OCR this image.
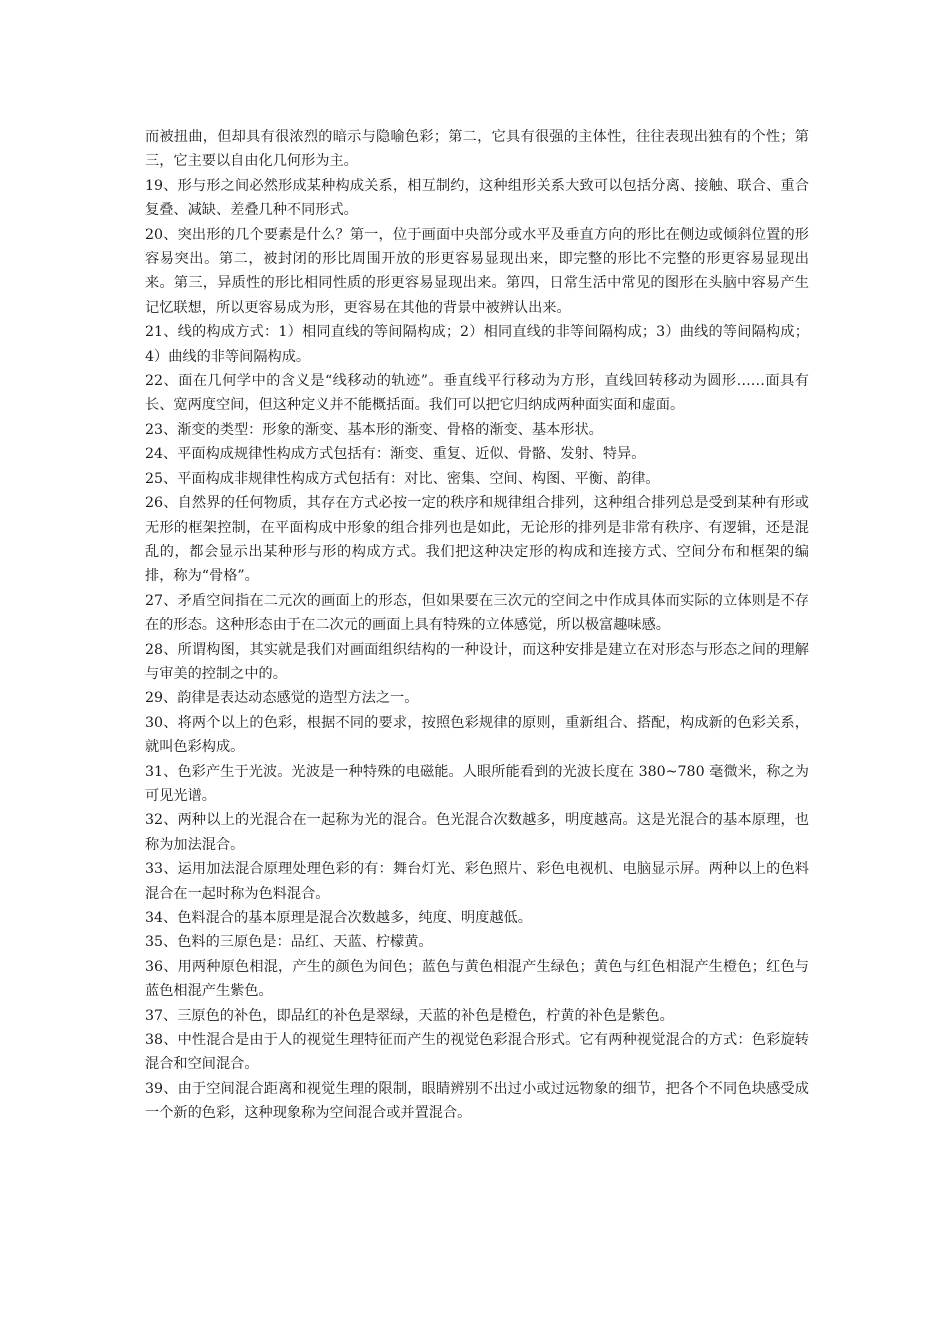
而被扭曲，但却具有很浓烈的暗示与隐喻色彩；第二，它具有很强的主体性，往往表现出独有的个性；第三，它主要以自由化几何形为主。

19、形与形之间必然形成某种构成关系，相互制约，这种组形关系大致可以包括分离、接触、联合、重合复叠、减缺、差叠几种不同形式。

20、突出形的几个要素是什么？第一，位于画面中央部分或水平及垂直方向的形比在侧边或倾斜位置的形容易突出。第二，被封闭的形比周围开放的形更容易显现出来，即完整的形比不完整的形更容易显现出来。第三，异质性的形比相同性质的形更容易显现出来。第四，日常生活中常见的图形在头脑中容易产生记忆联想，所以更容易成为形，更容易在其他的背景中被辨认出来。

21、线的构成方式：1）相同直线的等间隔构成；2）相同直线的非等间隔构成；3）曲线的等间隔构成；4）曲线的非等间隔构成。

22、面在几何学中的含义是“线移动的轨迹”。垂直线平行移动为方形，直线回转移动为圆形……面具有长、宽两度空间，但这种定义并不能概括面。我们可以把它归纳成两种面实面和虚面。

23、渐变的类型：形象的渐变、基本形的渐变、骨格的渐变、基本形状。

24、平面构成规律性构成方式包括有：渐变、重复、近似、骨骼、发射、特异。

25、平面构成非规律性构成方式包括有：对比、密集、空间、构图、平衡、韵律。

26、自然界的任何物质，其存在方式必按一定的秩序和规律组合排列，这种组合排列总是受到某种有形或无形的框架控制，在平面构成中形象的组合排列也是如此，无论形的排列是非常有秩序、有逻辑，还是混乱的，都会显示出某种形与形的构成方式。我们把这种决定形的构成和连接方式、空间分布和框架的编排，称为“骨格”。

27、矛盾空间指在二元次的画面上的形态，但如果要在三次元的空间之中作成具体而实际的立体则是不存在的形态。这种形态由于在二次元的画面上具有特殊的立体感觉，所以极富趣味感。

28、所谓构图，其实就是我们对画面组织结构的一种设计，而这种安排是建立在对形态与形态之间的理解与审美的控制之中的。

29、韵律是表达动态感觉的造型方法之一。

30、将两个以上的色彩，根据不同的要求，按照色彩规律的原则，重新组合、搭配，构成新的色彩关系，就叫色彩构成。

31、色彩产生于光波。光波是一种特殊的电磁能。人眼所能看到的光波长度在 380~780 毫微米，称之为可见光谱。

32、两种以上的光混合在一起称为光的混合。色光混合次数越多，明度越高。这是光混合的基本原理，也称为加法混合。

33、运用加法混合原理处理色彩的有：舞台灯光、彩色照片、彩色电视机、电脑显示屏。两种以上的色料混合在一起时称为色料混合。

34、色料混合的基本原理是混合次数越多，纯度、明度越低。

35、色料的三原色是：品红、天蓝、柠檬黄。

36、用两种原色相混，产生的颜色为间色；蓝色与黄色相混产生绿色；黄色与红色相混产生橙色；红色与蓝色相混产生紫色。

37、三原色的补色，即品红的补色是翠绿，天蓝的补色是橙色，柠黄的补色是紫色。

38、中性混合是由于人的视觉生理特征而产生的视觉色彩混合形式。它有两种视觉混合的方式：色彩旋转混合和空间混合。

39、由于空间混合距离和视觉生理的限制，眼睛辨别不出过小或过远物象的细节，把各个不同色块感受成一个新的色彩，这种现象称为空间混合或并置混合。
